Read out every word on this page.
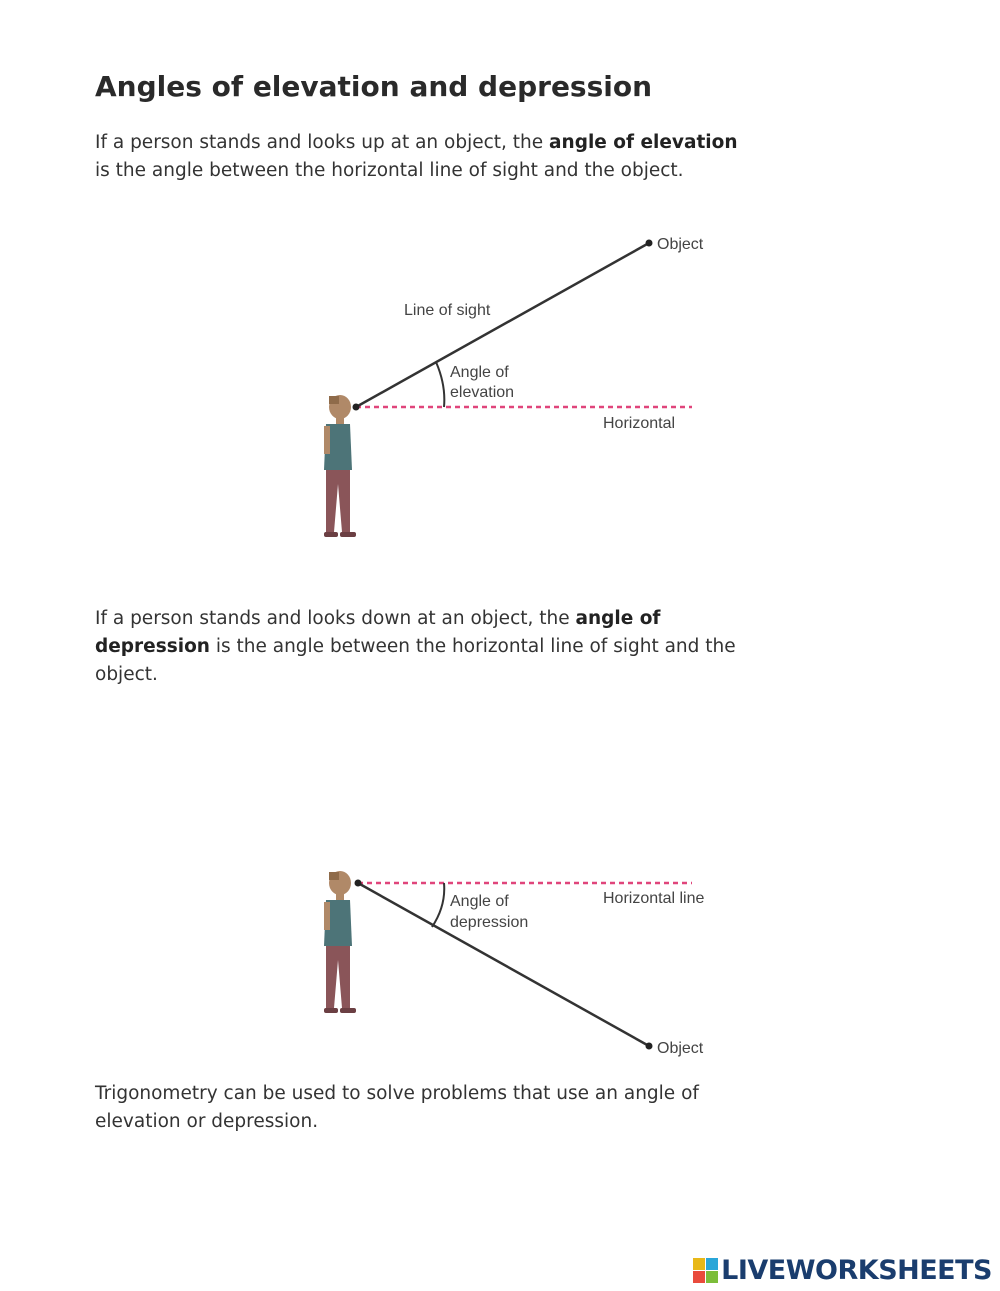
Angles of elevation and depression

If a person stands and looks up at an object, the angle of elevation is the angle between the horizontal line of sight and the object.

Object
Line of sight
Angle of
elevation
Horizontal

If a person stands and looks down at an object, the angle of depression is the angle between the horizontal line of sight and the object.

Angle of
depression
Horizontal line
Object

Trigonometry can be used to solve problems that use an angle of elevation or depression.

LIVEWORKSHEETS
